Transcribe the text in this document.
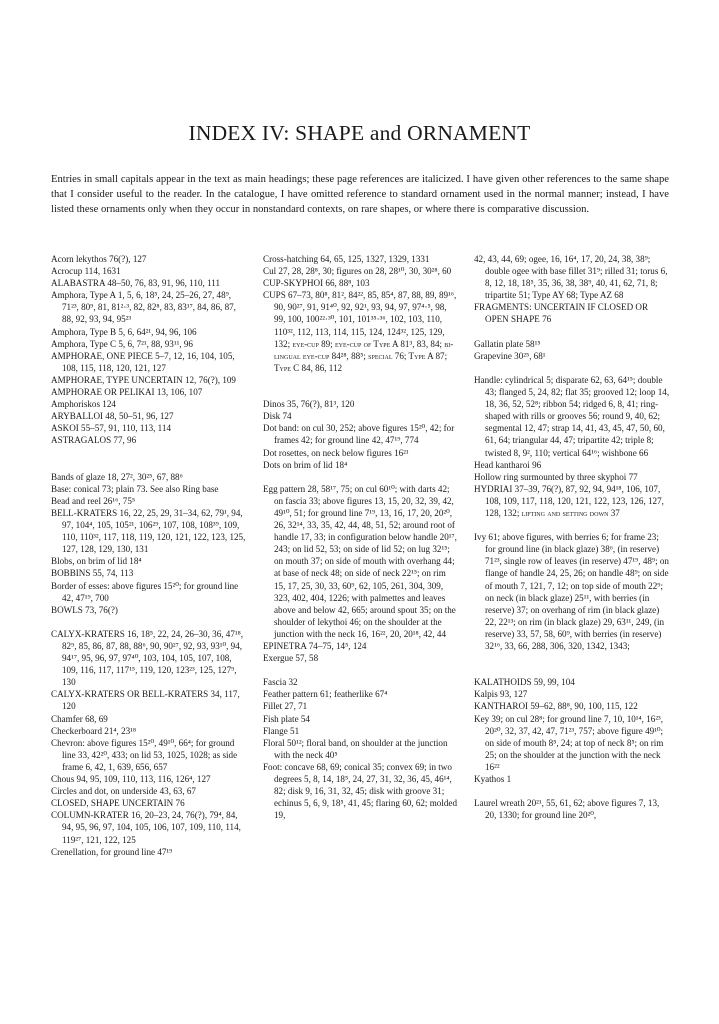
INDEX IV: SHAPE and ORNAMENT

Entries in small capitals appear in the text as main headings; these page references are italicized. I have given other references to the same shape that I consider useful to the reader. In the catalogue, I have omitted reference to standard ornament used in the normal manner; instead, I have listed these ornaments only when they occur in nonstandard contexts, on rare shapes, or where there is comparative discussion.

Acorn lekythos 76(?), 127
Acrocup 114, 1631
ALABASTRA 48–50, 76, 83, 91, 96, 110, 111
Amphora, Type A 1, 5, 6, 18⁵, 24, 25–26, 27, 48⁹, 71²³, 80⁹, 81, 81²·³, 82, 82⁸, 83, 83¹⁷, 84, 86, 87, 88, 92, 93, 94, 95²³
Amphora, Type B 5, 6, 64²¹, 94, 96, 106
Amphora, Type C 5, 6, 7²¹, 88, 93¹¹, 96
AMPHORAE, ONE PIECE 5–7, 12, 16, 104, 105, 108, 115, 118, 120, 121, 127
AMPHORAE, TYPE UNCERTAIN 12, 76(?), 109
AMPHORAE OR PELIKAI 13, 106, 107
Amphoriskos 124
ARYBALLOI 48, 50–51, 96, 127
ASKOI 55–57, 91, 110, 113, 114
ASTRAGALOS 77, 96
Bands of glaze 18, 27², 30²⁵, 67, 88⁶
Base: conical 73; plain 73. See also Ring base
Bead and reel 26¹⁶, 75⁵
BELL-KRATERS 16, 22, 25, 29, 31–34, 62, 79¹, 94, 97, 104⁴, 105, 105²¹, 106²⁹, 107, 108, 108³⁹, 109, 110, 110³², 117, 118, 119, 120, 121, 122, 123, 125, 127, 128, 129, 130, 131
Blobs, on brim of lid 18⁴
BOBBINS 55, 74, 113
Border of esses: above figures 15²⁰; for ground line 42, 47¹⁹, 700
BOWLS 73, 76(?)
CALYX-KRATERS 16, 18⁵, 22, 24, 26–30, 36, 47¹⁸, 82⁹, 85, 86, 87, 88, 88⁶, 90, 90²⁷, 92, 93, 93¹⁰, 94, 94¹⁷, 95, 96, 97, 97⁴⁰, 103, 104, 105, 107, 108, 109, 116, 117, 117¹⁵, 119, 120, 123²³, 125, 127⁹, 130
CALYX-KRATERS OR BELL-KRATERS 34, 117, 120
Chamfer 68, 69
Checkerboard 21⁴, 23¹⁸
Chevron: above figures 15²⁰, 49¹⁰, 66⁴; for ground line 33, 42²⁰, 433; on lid 53, 1025, 1028; as side frame 6, 42, 1, 639, 656, 657
Chous 94, 95, 109, 110, 113, 116, 126⁴, 127
Circles and dot, on underside 43, 63, 67
CLOSED, SHAPE UNCERTAIN 76
COLUMN-KRATER 16, 20–23, 24, 76(?), 79⁴, 84, 94, 95, 96, 97, 104, 105, 106, 107, 109, 110, 114, 119²⁷, 121, 122, 125
Crenellation, for ground line 47¹⁹
Cross-hatching 64, 65, 125, 1327, 1329, 1331
Cul 27, 28, 28⁸, 30; figures on 28, 28¹⁰, 30, 30²⁸, 60
CUP-SKYPHOI 66, 88⁸, 103
CUPS 67–73, 80⁸, 81², 84²², 85, 85⁴, 87, 88, 89, 89¹⁶, 90, 90²⁷, 91, 91⁴⁰, 92, 92¹, 93, 94, 97, 97⁴·⁵, 98, 99, 100, 100²²·³⁰, 101, 101³⁵·³⁶, 102, 103, 110, 110³², 112, 113, 114, 115, 124, 124³², 125, 129, 132; eye-cup 89; eye-cup of Type A 81³, 83, 84; bi-lingual eye-cup 84²⁸, 88⁵; special 76; Type A 87; Type C 84, 86, 112
Dinos 35, 76(?), 81³, 120
Disk 74
Dot band: on cul 30, 252; above figures 15²⁰, 42; for frames 42; for ground line 42, 47¹⁹, 774
Dot rosettes, on neck below figures 16²¹
Dots on brim of lid 18⁴
Egg pattern 28, 58¹⁷, 75; on cul 60¹⁰; with darts 42; on fascia 33; above figures 13, 15, 20, 32, 39, 42, 49¹⁰, 51; for ground line 7¹⁹, 13, 16, 17, 20, 20²⁰, 26, 32¹⁴, 33, 35, 42, 44, 48, 51, 52; around root of handle 17, 33; in configuration below handle 20¹⁷, 243; on lid 52, 53; on side of lid 52; on lug 32¹⁵; on mouth 37; on side of mouth with overhang 44; at base of neck 48; on side of neck 22¹⁵; on rim 15, 17, 25, 30, 33, 60⁹, 62, 105, 261, 304, 309, 323, 402, 404, 1226; with palmettes and leaves above and below 42, 665; around spout 35; on the shoulder of lekythoi 46; on the shoulder at the junction with the neck 16, 16²², 20, 20¹⁸, 42, 44
EPINETRA 74–75, 14⁵, 124
Exergue 57, 58
Fascia 32
Feather pattern 61; featherlike 67⁴
Fillet 27, 71
Fish plate 54
Flange 51
Floral 50¹²; floral band, on shoulder at the junction with the neck 40⁵
Foot: concave 68, 69; conical 35; convex 69; in two degrees 5, 8, 14, 18⁵, 24, 27, 31, 32, 36, 45, 46¹⁴, 82; disk 9, 16, 31, 32, 45; disk with groove 31; echinus 5, 6, 9, 18⁵, 41, 45; flaring 60, 62; molded 19,
42, 43, 44, 69; ogee, 16, 16⁴, 17, 20, 24, 38, 38⁹; double ogee with base fillet 31⁹; rilled 31; torus 6, 8, 12, 18, 18⁵, 35, 36, 38, 38⁹, 40, 41, 62, 71, 8; tripartite 51; Type AY 68; Type AZ 68
FRAGMENTS: UNCERTAIN IF CLOSED OR OPEN SHAPE 76
Gallatin plate 58¹⁵
Grapevine 30²⁵, 68¹
Handle: cylindrical 5; disparate 62, 63, 64¹⁵; double 43; flanged 5, 24, 82; flat 35; grooved 12; loop 14, 18, 36, 52, 52⁸; ribbon 54; ridged 6, 8, 41; ring-shaped with rills or grooves 56; round 9, 40, 62; segmental 12, 47; strap 14, 41, 43, 45, 47, 50, 60, 61, 64; triangular 44, 47; tripartite 42; triple 8; twisted 8, 9², 110; vertical 64¹⁶; wishbone 66
Head kantharoi 96
Hollow ring surmounted by three skyphoi 77
HYDRIAI 37–39, 76(?), 87, 92, 94, 94¹⁸, 106, 107, 108, 109, 117, 118, 120, 121, 122, 123, 126, 127, 128, 132; lifting and setting down 37
Ivy 61; above figures, with berries 6; for frame 23; for ground line (in black glaze) 38⁶, (in reserve) 71²³, single row of leaves (in reserve) 47¹⁹, 48⁹; on flange of handle 24, 25, 26; on handle 48⁹; on side of mouth 7, 121, 7, 12; on top side of mouth 22⁹; on neck (in black glaze) 25¹¹, with berries (in reserve) 37; on overhang of rim (in black glaze) 22, 22¹³; on rim (in black glaze) 29, 63¹¹, 249, (in reserve) 33, 57, 58, 60⁹, with berries (in reserve) 32¹⁶, 33, 66, 288, 306, 320, 1342, 1343;
KALATHOIDS 59, 99, 104
Kalpis 93, 127
KANTHAROI 59–62, 88⁸, 90, 100, 115, 122
Key 39; on cul 28⁸; for ground line 7, 10, 10¹⁴, 16²³, 20²⁰, 32, 37, 42, 47, 71²³, 757; above figure 49¹⁰; on side of mouth 8⁵, 24; at top of neck 8⁵; on rim 25; on the shoulder at the junction with the neck 16²²
Kyathos 1
Laurel wreath 20²¹, 55, 61, 62; above figures 7, 13, 20, 1330; for ground line 20²⁰,
